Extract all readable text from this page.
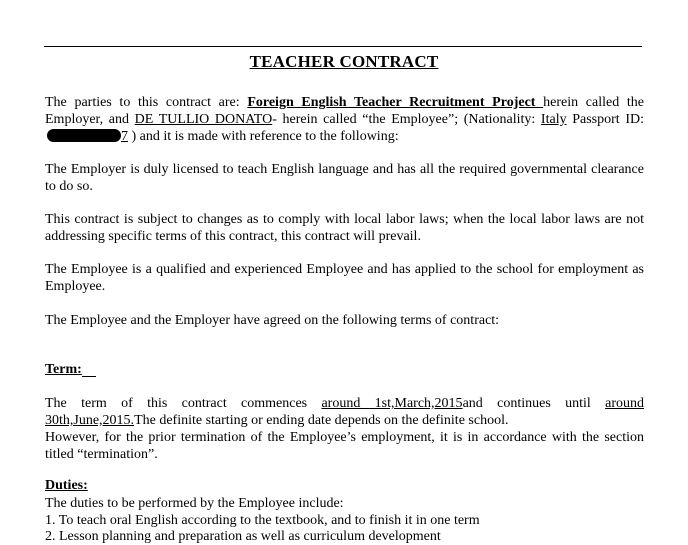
TEACHER CONTRACT

The parties to this contract are: Foreign English Teacher Recruitment Project herein called the Employer, and DE TULLIO DONATO- herein called “the Employee”; (Nationality: Italy Passport ID:7 ) and it is made with reference to the following:

The Employer is duly licensed to teach English language and has all the required governmental clearance to do so.

This contract is subject to changes as to comply with local labor laws; when the local labor laws are not addressing specific terms of this contract, this contract will prevail.

The Employee is a qualified and experienced Employee and has applied to the school for employment as Employee.

The Employee and the Employer have agreed on the following terms of contract:

Term:

The term of this contract commences around 1st,March,2015and continues until around 30th,June,2015.The definite starting or ending date depends on the definite school.

However, for the prior termination of the Employee’s employment, it is in accordance with the section titled “termination”.

Duties:

The duties to be performed by the Employee include:

1. To teach oral English according to the textbook, and to finish it in one term

2. Lesson planning and preparation as well as curriculum development
